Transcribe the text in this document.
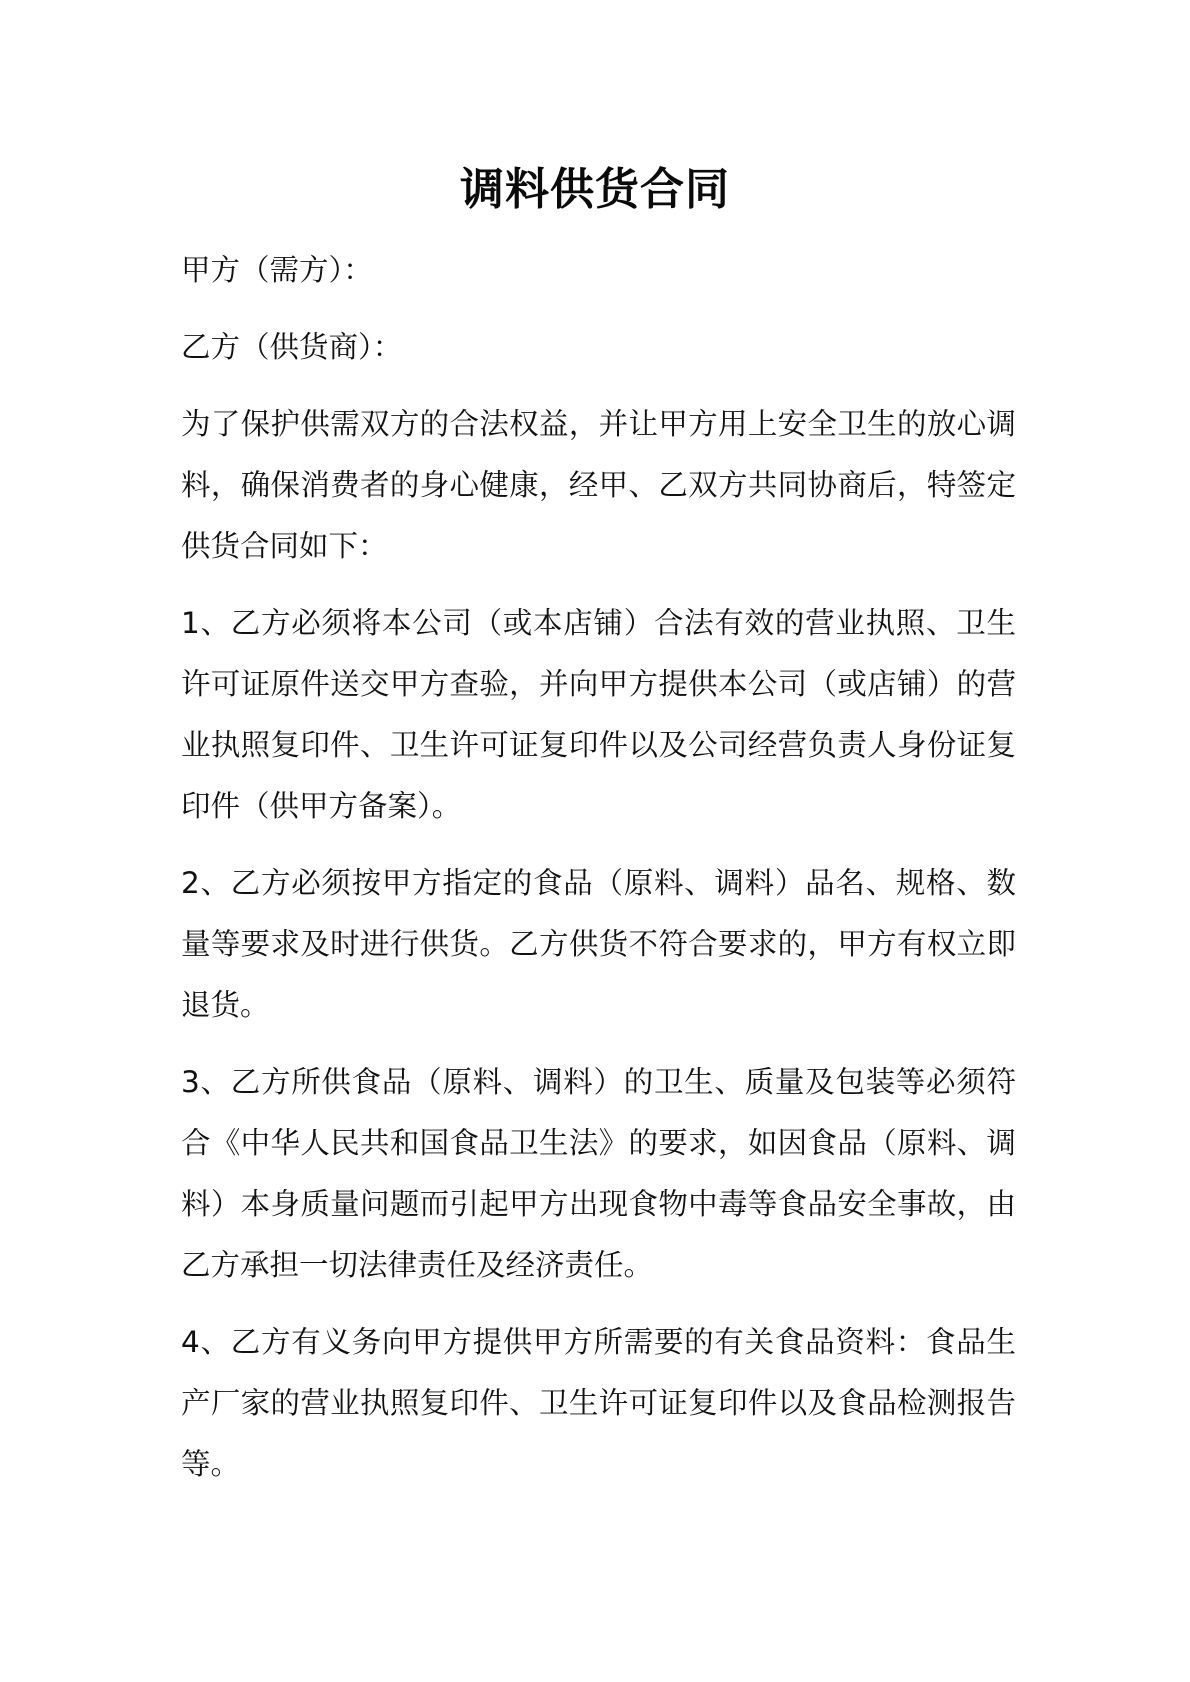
调料供货合同

甲方（需方）：

乙方（供货商）：

为了保护供需双方的合法权益，并让甲方用上安全卫生的放心调料，确保消费者的身心健康，经甲、乙双方共同协商后，特签定供货合同如下：

1、乙方必须将本公司（或本店铺）合法有效的营业执照、卫生许可证原件送交甲方查验，并向甲方提供本公司（或店铺）的营业执照复印件、卫生许可证复印件以及公司经营负责人身份证复印件（供甲方备案）。

2、乙方必须按甲方指定的食品（原料、调料）品名、规格、数量等要求及时进行供货。乙方供货不符合要求的，甲方有权立即退货。

3、乙方所供食品（原料、调料）的卫生、质量及包装等必须符合《中华人民共和国食品卫生法》的要求，如因食品（原料、调料）本身质量问题而引起甲方出现食物中毒等食品安全事故，由乙方承担一切法律责任及经济责任。

4、乙方有义务向甲方提供甲方所需要的有关食品资料：食品生产厂家的营业执照复印件、卫生许可证复印件以及食品检测报告等。
